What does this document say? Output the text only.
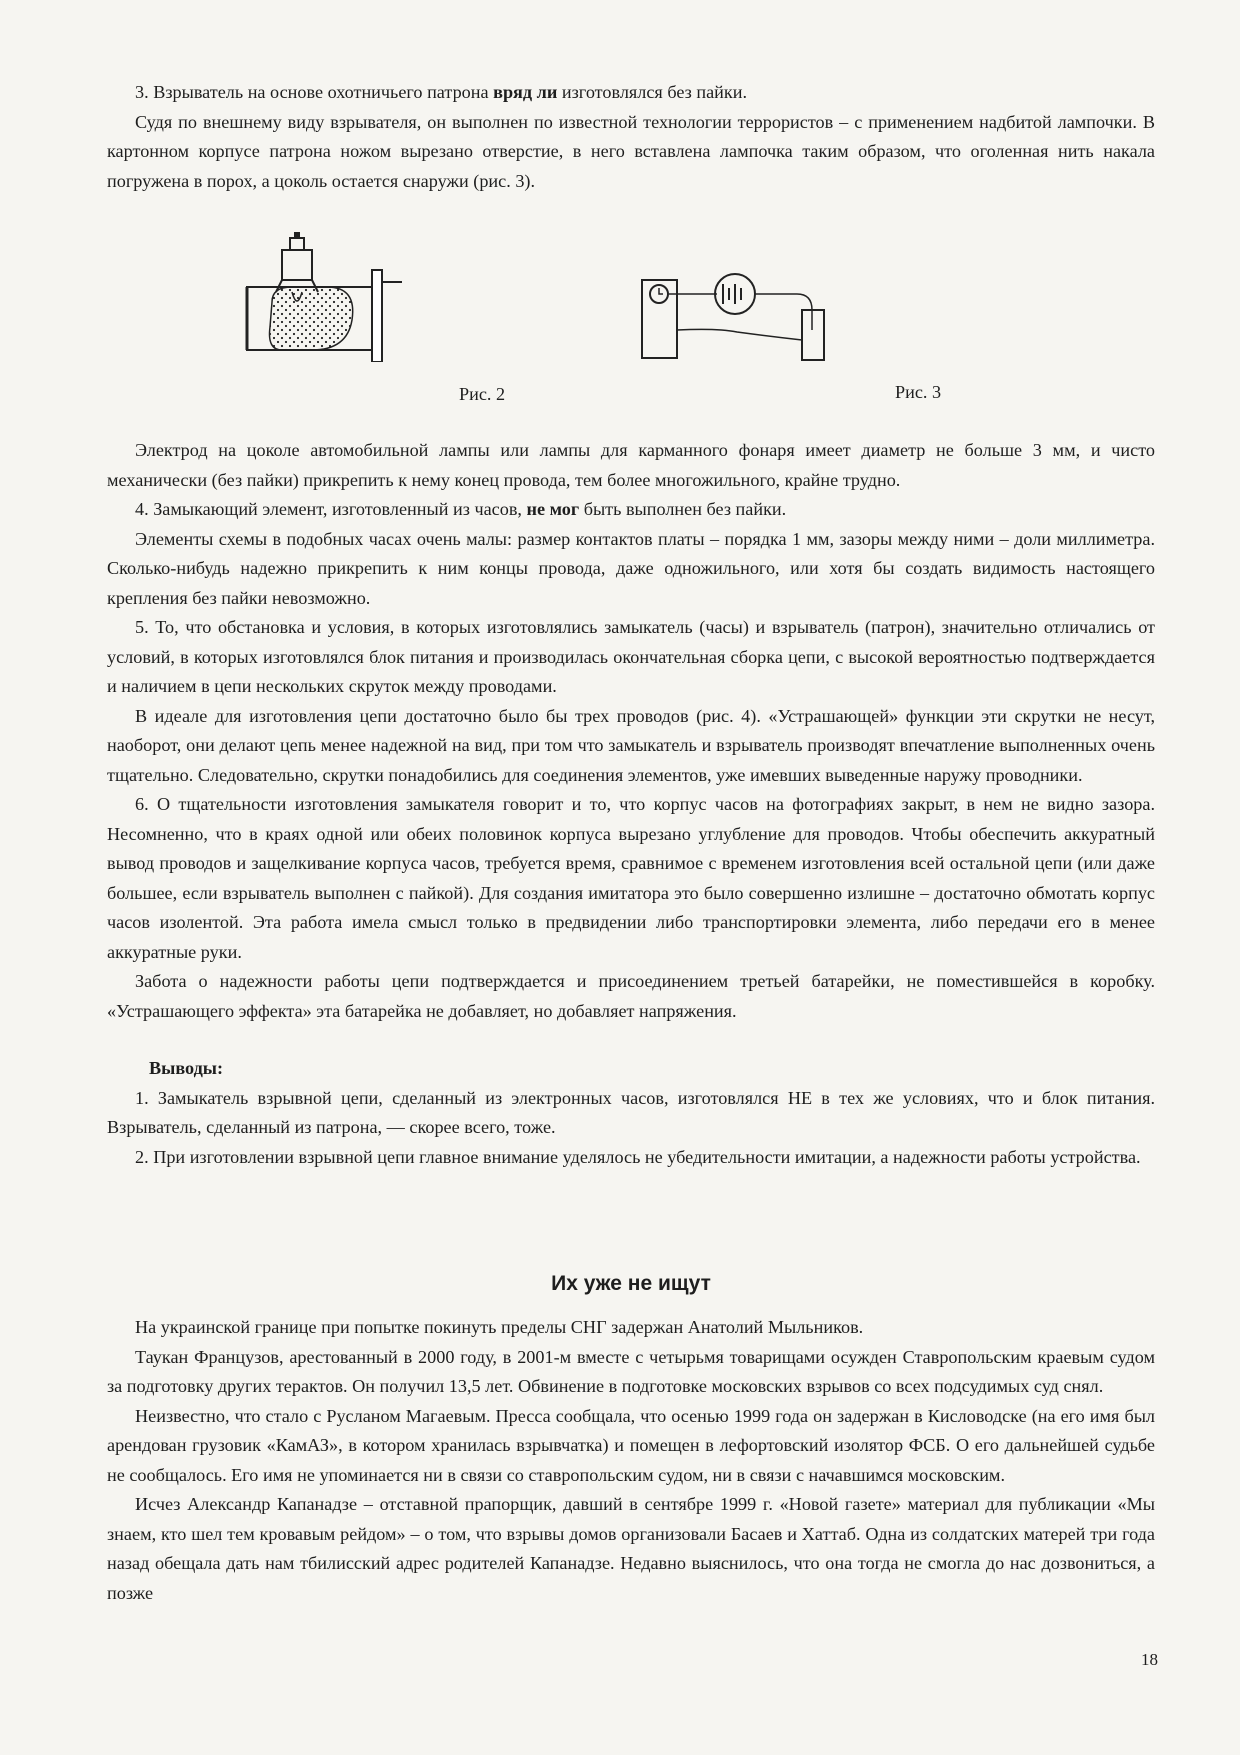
3. Взрыватель на основе охотничьего патрона вряд ли изготовлялся без пайки.

Судя по внешнему виду взрывателя, он выполнен по известной технологии террористов – с применением надбитой лампочки. В картонном корпусе патрона ножом вырезано отверстие, в него вставлена лампочка таким образом, что оголенная нить накала погружена в порох, а цоколь остается снаружи (рис. 3).

Рис. 2	Рис. 3

Электрод на цоколе автомобильной лампы или лампы для карманного фонаря имеет диаметр не больше 3 мм, и чисто механически (без пайки) прикрепить к нему конец провода, тем более многожильного, крайне трудно.

4. Замыкающий элемент, изготовленный из часов, не мог быть выполнен без пайки.

Элементы схемы в подобных часах очень малы: размер контактов платы – порядка 1 мм, зазоры между ними – доли миллиметра. Сколько-нибудь надежно прикрепить к ним концы провода, даже одножильного, или хотя бы создать видимость настоящего крепления без пайки невозможно.

5. То, что обстановка и условия, в которых изготовлялись замыкатель (часы) и взрыватель (патрон), значительно отличались от условий, в которых изготовлялся блок питания и производилась окончательная сборка цепи, с высокой вероятностью подтверждается и наличием в цепи нескольких скруток между проводами.

В идеале для изготовления цепи достаточно было бы трех проводов (рис. 4). «Устрашающей» функции эти скрутки не несут, наоборот, они делают цепь менее надежной на вид, при том что замыкатель и взрыватель производят впечатление выполненных очень тщательно. Следовательно, скрутки понадобились для соединения элементов, уже имевших выведенные наружу проводники.

6. О тщательности изготовления замыкателя говорит и то, что корпус часов на фотографиях закрыт, в нем не видно зазора. Несомненно, что в краях одной или обеих половинок корпуса вырезано углубление для проводов. Чтобы обеспечить аккуратный вывод проводов и защелкивание корпуса часов, требуется время, сравнимое с временем изготовления всей остальной цепи (или даже большее, если взрыватель выполнен с пайкой). Для создания имитатора это было совершенно излишне – достаточно обмотать корпус часов изолентой. Эта работа имела смысл только в предвидении либо транспортировки элемента, либо передачи его в менее аккуратные руки.

Забота о надежности работы цепи подтверждается и присоединением третьей батарейки, не поместившейся в коробку. «Устрашающего эффекта» эта батарейка не добавляет, но добавляет напряжения.

Выводы:

1. Замыкатель взрывной цепи, сделанный из электронных часов, изготовлялся НЕ в тех же условиях, что и блок питания. Взрыватель, сделанный из патрона, — скорее всего, тоже.

2. При изготовлении взрывной цепи главное внимание уделялось не убедительности имитации, а надежности работы устройства.

Их уже не ищут

На украинской границе при попытке покинуть пределы СНГ задержан Анатолий Мыльников.

Таукан Французов, арестованный в 2000 году, в 2001-м вместе с четырьмя товарищами осужден Ставропольским краевым судом за подготовку других терактов. Он получил 13,5 лет. Обвинение в подготовке московских взрывов со всех подсудимых суд снял.

Неизвестно, что стало с Русланом Магаевым. Пресса сообщала, что осенью 1999 года он задержан в Кисловодске (на его имя был арендован грузовик «КамАЗ», в котором хранилась взрывчатка) и помещен в лефортовский изолятор ФСБ. О его дальнейшей судьбе не сообщалось. Его имя не упоминается ни в связи со ставропольским судом, ни в связи с начавшимся московским.

Исчез Александр Капанадзе – отставной прапорщик, давший в сентябре 1999 г. «Новой газете» материал для публикации «Мы знаем, кто шел тем кровавым рейдом» – о том, что взрывы домов организовали Басаев и Хаттаб. Одна из солдатских матерей три года назад обещала дать нам тбилисский адрес родителей Капанадзе. Недавно выяснилось, что она тогда не смогла до нас дозвониться, а позже

18
